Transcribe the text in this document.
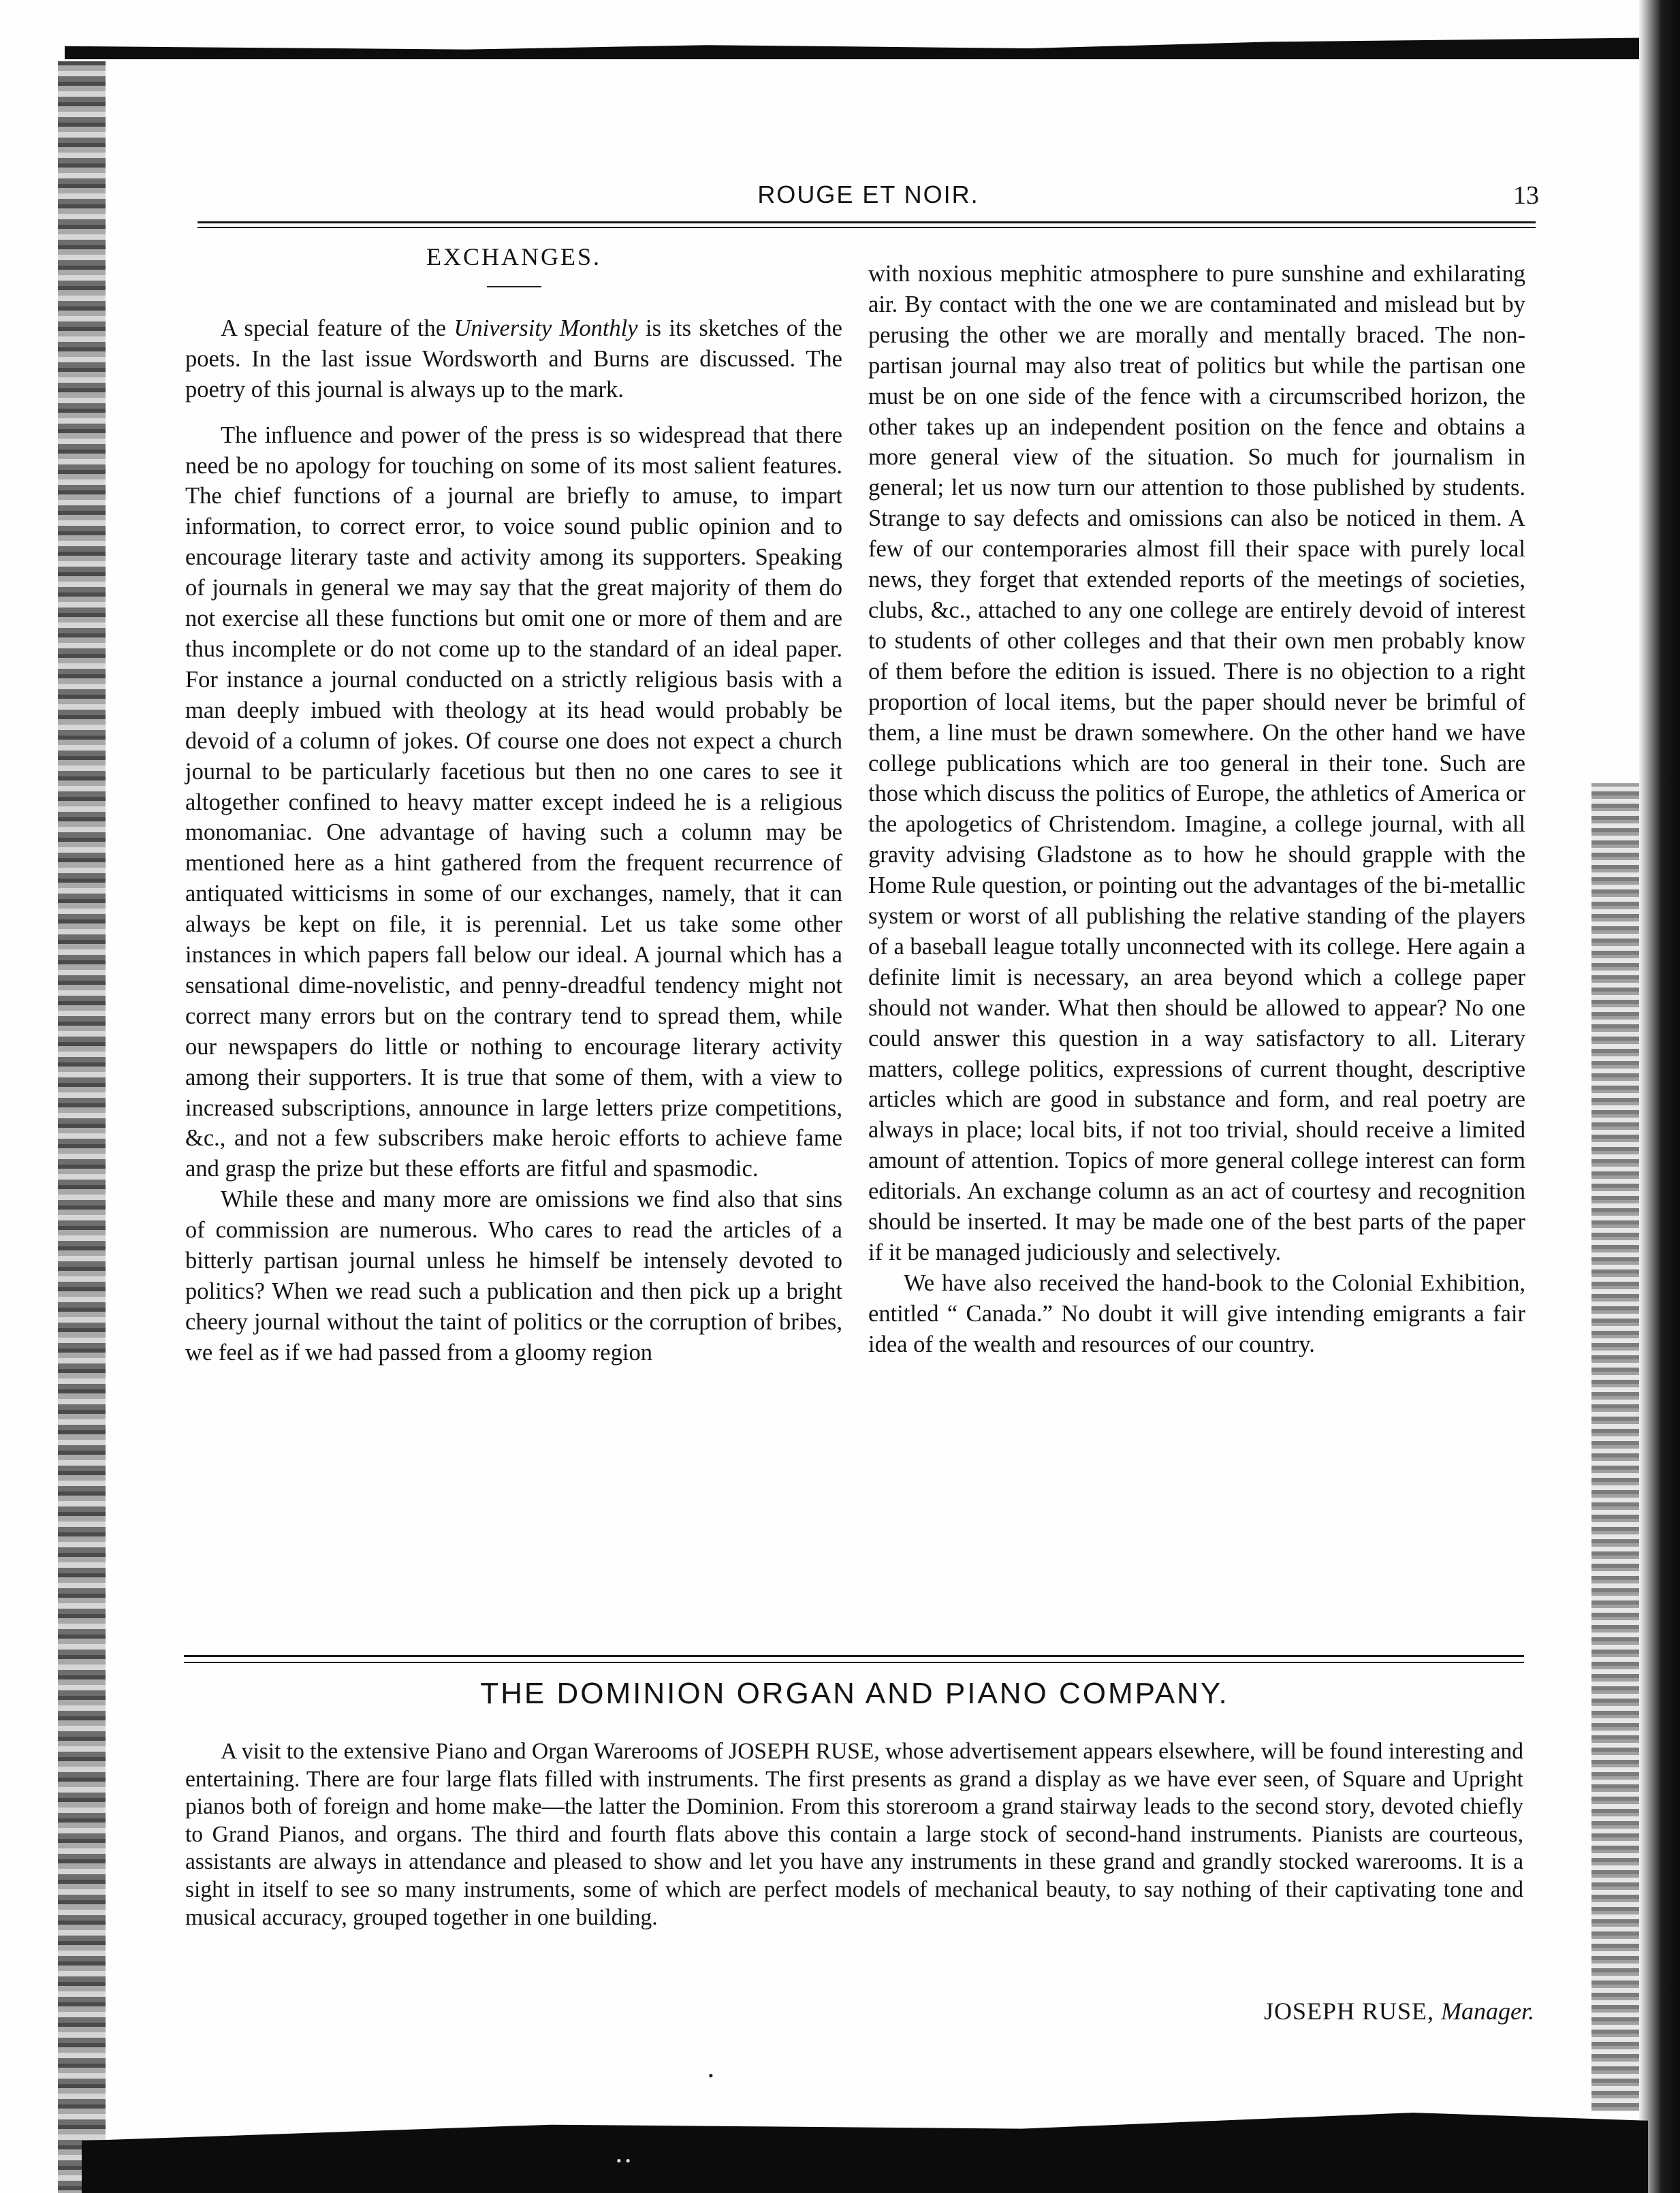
ROUGE ET NOIR.	13
EXCHANGES.

A special feature of the University Monthly is its sketches of the poets. In the last issue Wordsworth and Burns are discussed. The poetry of this journal is always up to the mark.

The influence and power of the press is so widespread that there need be no apology for touching on some of its most salient features. The chief functions of a journal are briefly to amuse, to impart information, to correct error, to voice sound public opinion and to encourage literary taste and activity among its supporters. Speaking of journals in general we may say that the great majority of them do not exercise all these functions but omit one or more of them and are thus incomplete or do not come up to the standard of an ideal paper. For instance a journal conducted on a strictly religious basis with a man deeply imbued with theology at its head would probably be devoid of a column of jokes. Of course one does not expect a church journal to be particularly facetious but then no one cares to see it altogether confined to heavy matter except indeed he is a religious monomaniac. One advantage of having such a column may be mentioned here as a hint gathered from the frequent recurrence of antiquated witticisms in some of our exchanges, namely, that it can always be kept on file, it is perennial. Let us take some other instances in which papers fall below our ideal. A journal which has a sensational dime-novelistic, and penny-dreadful tendency might not correct many errors but on the contrary tend to spread them, while our newspapers do little or nothing to encourage literary activity among their supporters. It is true that some of them, with a view to increased subscriptions, announce in large letters prize competitions, &c., and not a few subscribers make heroic efforts to achieve fame and grasp the prize but these efforts are fitful and spasmodic.

While these and many more are omissions we find also that sins of commission are numerous. Who cares to read the articles of a bitterly partisan journal unless he himself be intensely devoted to politics? When we read such a publication and then pick up a bright cheery journal without the taint of politics or the corruption of bribes, we feel as if we had passed from a gloomy region

with noxious mephitic atmosphere to pure sunshine and exhilarating air. By contact with the one we are contaminated and mislead but by perusing the other we are morally and mentally braced. The non-partisan journal may also treat of politics but while the partisan one must be on one side of the fence with a circumscribed horizon, the other takes up an independent position on the fence and obtains a more general view of the situation. So much for journalism in general; let us now turn our attention to those published by students. Strange to say defects and omissions can also be noticed in them. A few of our contemporaries almost fill their space with purely local news, they forget that extended reports of the meetings of societies, clubs, &c., attached to any one college are entirely devoid of interest to students of other colleges and that their own men probably know of them before the edition is issued. There is no objection to a right proportion of local items, but the paper should never be brimful of them, a line must be drawn somewhere. On the other hand we have college publications which are too general in their tone. Such are those which discuss the politics of Europe, the athletics of America or the apologetics of Christendom. Imagine, a college journal, with all gravity advising Gladstone as to how he should grapple with the Home Rule question, or pointing out the advantages of the bi-metallic system or worst of all publishing the relative standing of the players of a baseball league totally unconnected with its college. Here again a definite limit is necessary, an area beyond which a college paper should not wander. What then should be allowed to appear? No one could answer this question in a way satisfactory to all. Literary matters, college politics, expressions of current thought, descriptive articles which are good in substance and form, and real poetry are always in place; local bits, if not too trivial, should receive a limited amount of attention. Topics of more general college interest can form editorials. An exchange column as an act of courtesy and recognition should be inserted. It may be made one of the best parts of the paper if it be managed judiciously and selectively.

We have also received the hand-book to the Colonial Exhibition, entitled “ Canada.” No doubt it will give intending emigrants a fair idea of the wealth and resources of our country.

THE DOMINION ORGAN AND PIANO COMPANY.

A visit to the extensive Piano and Organ Warerooms of JOSEPH RUSE, whose advertisement appears elsewhere, will be found interesting and entertaining. There are four large flats filled with instruments. The first presents as grand a display as we have ever seen, of Square and Upright pianos both of foreign and home make—the latter the Dominion. From this storeroom a grand stairway leads to the second story, devoted chiefly to Grand Pianos, and organs. The third and fourth flats above this contain a large stock of second-hand instruments. Pianists are courteous, assistants are always in attendance and pleased to show and let you have any instruments in these grand and grandly stocked warerooms. It is a sight in itself to see so many instruments, some of which are perfect models of mechanical beauty, to say nothing of their captivating tone and musical accuracy, grouped together in one building.

JOSEPH RUSE, Manager.
•
• •
